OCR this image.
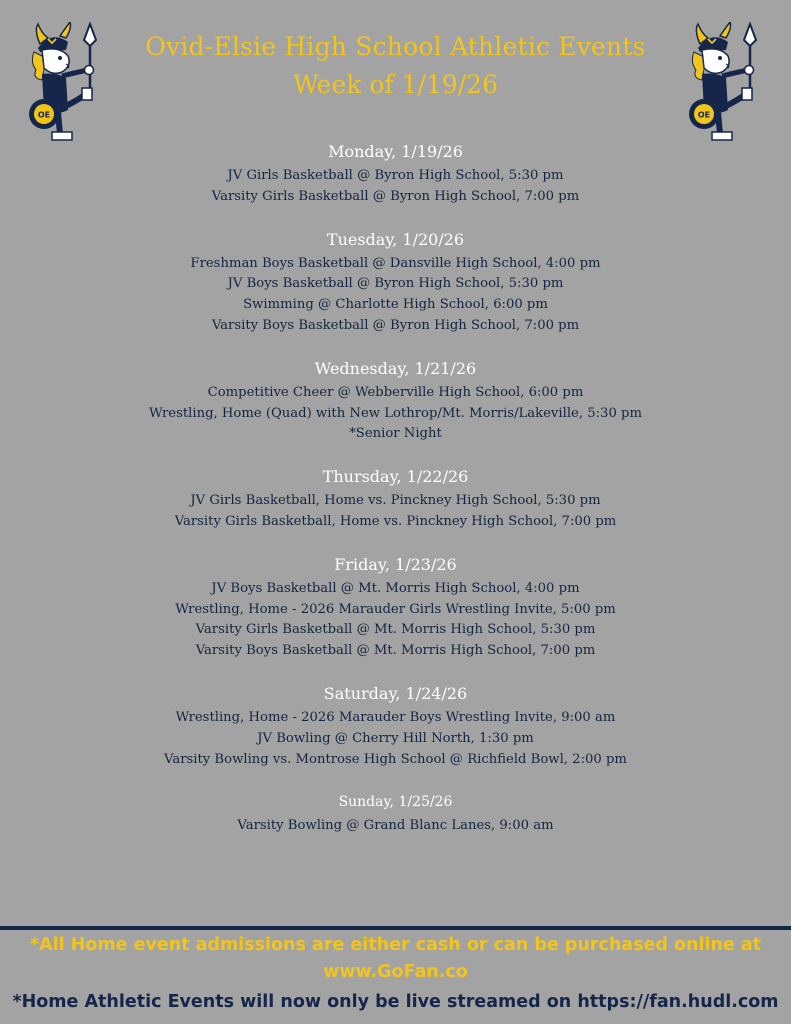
OE	OE
Ovid-Elsie High School Athletic Events
Week of 1/19/26
Monday, 1/19/26
JV Girls Basketball @ Byron High School, 5:30 pm
Varsity Girls Basketball @ Byron High School, 7:00 pm
Tuesday, 1/20/26
Freshman Boys Basketball @ Dansville High School, 4:00 pm
JV Boys Basketball @ Byron High School, 5:30 pm
Swimming @ Charlotte High School, 6:00 pm
Varsity Boys Basketball @ Byron High School, 7:00 pm
Wednesday, 1/21/26
Competitive Cheer @ Webberville High School, 6:00 pm
Wrestling, Home (Quad) with New Lothrop/Mt. Morris/Lakeville, 5:30 pm
*Senior Night
Thursday, 1/22/26
JV Girls Basketball, Home vs. Pinckney High School, 5:30 pm
Varsity Girls Basketball, Home vs. Pinckney High School, 7:00 pm
Friday, 1/23/26
JV Boys Basketball @ Mt. Morris High School, 4:00 pm
Wrestling, Home - 2026 Marauder Girls Wrestling Invite, 5:00 pm
Varsity Girls Basketball @ Mt. Morris High School, 5:30 pm
Varsity Boys Basketball @ Mt. Morris High School, 7:00 pm
Saturday, 1/24/26
Wrestling, Home - 2026 Marauder Boys Wrestling Invite, 9:00 am
JV Bowling @ Cherry Hill North, 1:30 pm
Varsity Bowling vs. Montrose High School @ Richfield Bowl, 2:00 pm
Sunday, 1/25/26
Varsity Bowling @ Grand Blanc Lanes, 9:00 am
*All Home event admissions are either cash or can be purchased online at
www.GoFan.co
*Home Athletic Events will now only be live streamed on https://fan.hudl.com
